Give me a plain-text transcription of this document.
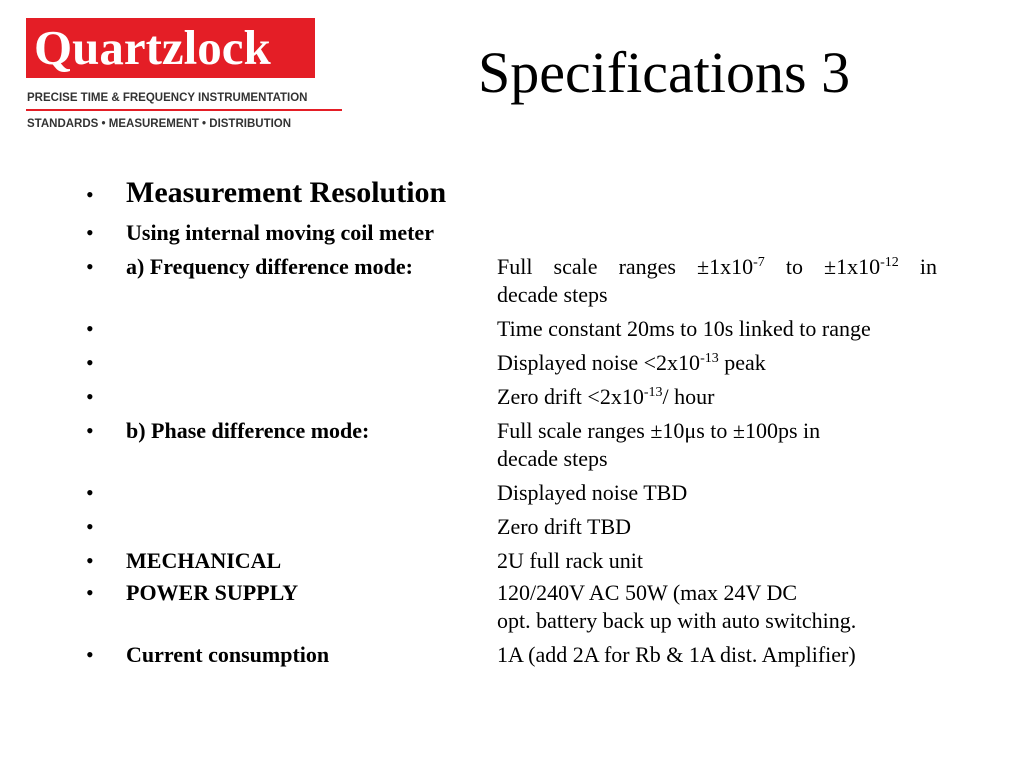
Quartzlock
PRECISE TIME & FREQUENCY INSTRUMENTATION
STANDARDS • MEASUREMENT • DISTRIBUTION
Specifications 3
• Measurement Resolution
• Using internal moving coil meter
• a) Frequency difference mode:	Full scale ranges $\pm 1x10^{-7}$ to $\pm 1x10^{-12}$ in
decade steps
•	Time constant 20ms to 10s linked to range
•	Displayed noise $<2x10^{-13}$ peak
•	Zero drift $<2x10^{-13}/$ hour
• b) Phase difference mode:	Full scale ranges ±10μs to ±100ps in
decade steps
•	Displayed noise TBD
•	Zero drift TBD
• MECHANICAL	2U full rack unit
• POWER SUPPLY	120/240V AC 50W (max 24V DC
opt. battery back up with auto switching.
• Current consumption	1A (add 2A for Rb & 1A dist. Amplifier)
